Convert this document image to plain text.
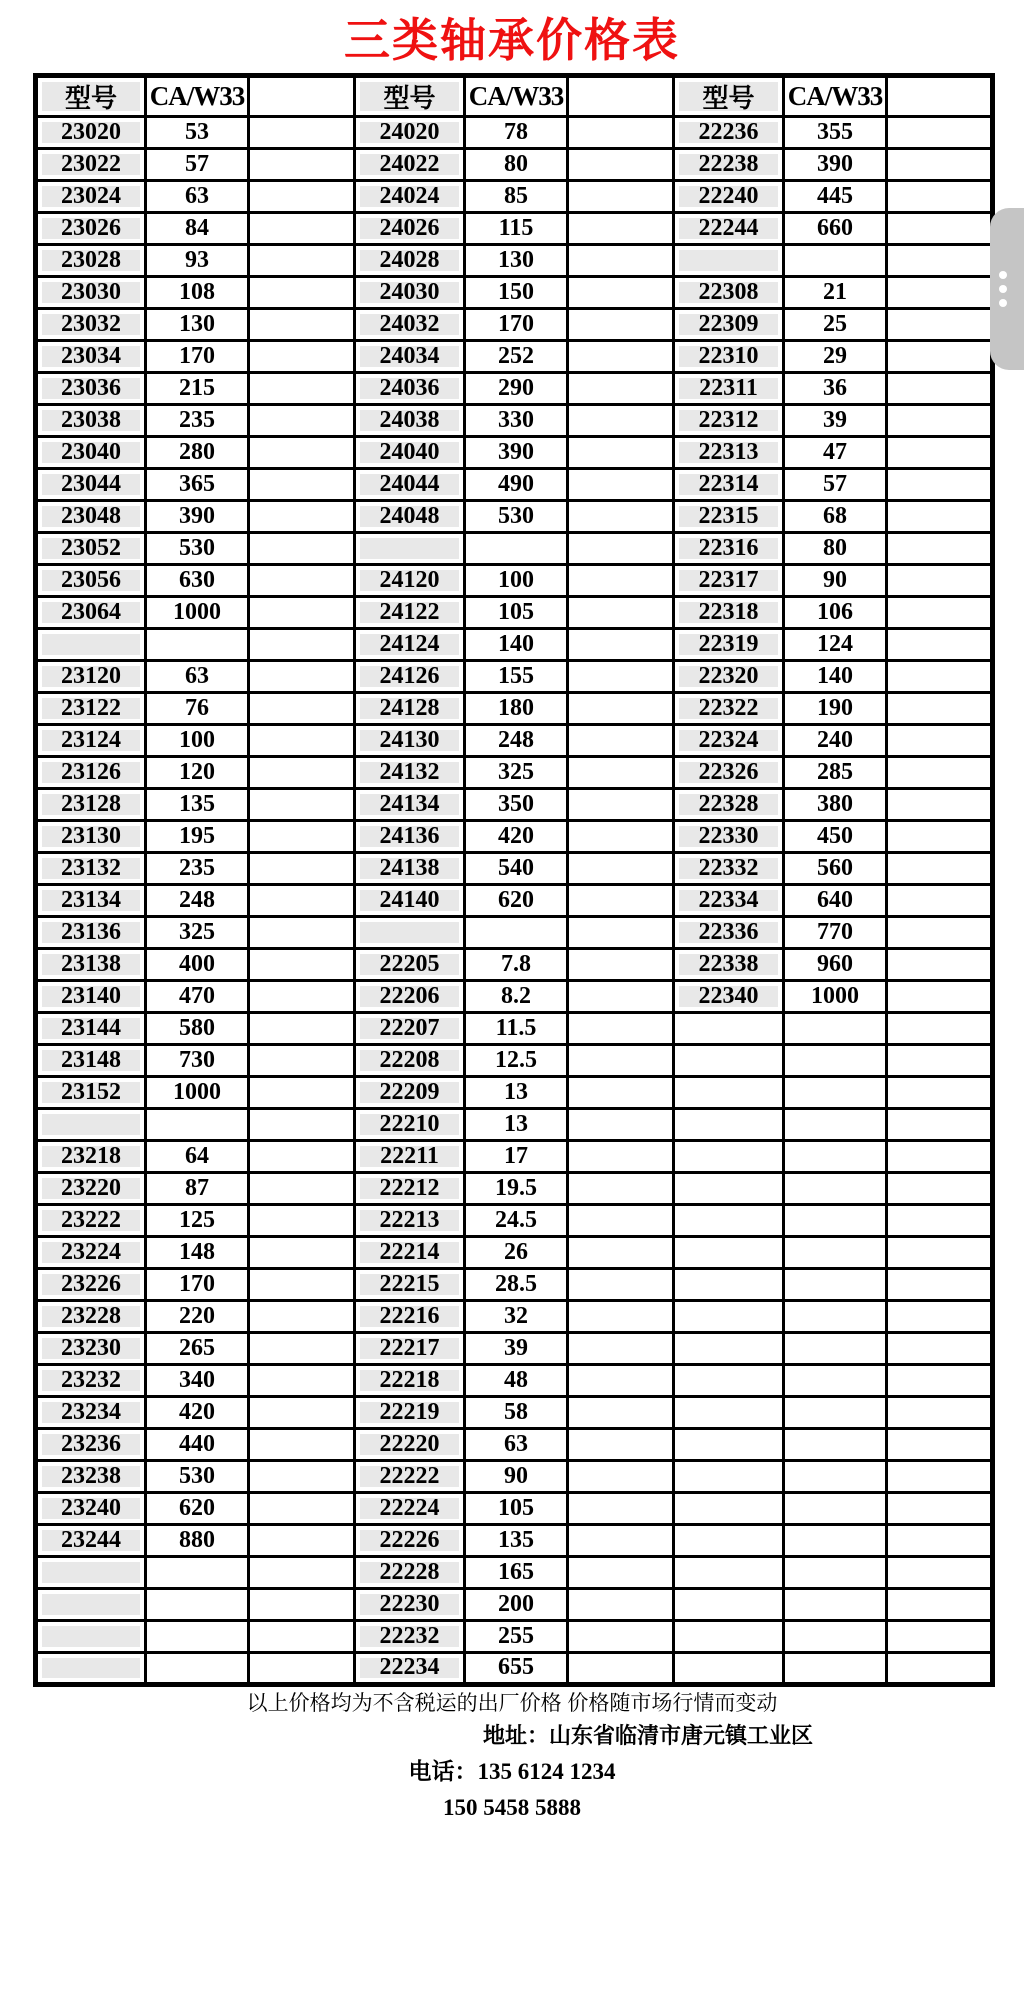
三类轴承价格表
型号	CA/W33		型号	CA/W33		型号	CA/W33	
23020	53		24020	78		22236	355	
23022	57		24022	80		22238	390	
23024	63		24024	85		22240	445	
23026	84		24026	115		22244	660	
23028	93		24028	130				
23030	108		24030	150		22308	21	
23032	130		24032	170		22309	25	
23034	170		24034	252		22310	29	
23036	215		24036	290		22311	36	
23038	235		24038	330		22312	39	
23040	280		24040	390		22313	47	
23044	365		24044	490		22314	57	
23048	390		24048	530		22315	68	
23052	530					22316	80	
23056	630		24120	100		22317	90	
23064	1000		24122	105		22318	106	
			24124	140		22319	124	
23120	63		24126	155		22320	140	
23122	76		24128	180		22322	190	
23124	100		24130	248		22324	240	
23126	120		24132	325		22326	285	
23128	135		24134	350		22328	380	
23130	195		24136	420		22330	450	
23132	235		24138	540		22332	560	
23134	248		24140	620		22334	640	
23136	325					22336	770	
23138	400		22205	7.8		22338	960	
23140	470		22206	8.2		22340	1000	
23144	580		22207	11.5				
23148	730		22208	12.5				
23152	1000		22209	13				
			22210	13				
23218	64		22211	17				
23220	87		22212	19.5				
23222	125		22213	24.5				
23224	148		22214	26				
23226	170		22215	28.5				
23228	220		22216	32				
23230	265		22217	39				
23232	340		22218	48				
23234	420		22219	58				
23236	440		22220	63				
23238	530		22222	90				
23240	620		22224	105				
23244	880		22226	135				
			22228	165				
			22230	200				
			22232	255				
			22234	655				
以上价格均为不含税运的出厂价格 价格随市场行情而变动
地址：山东省临清市唐元镇工业区
电话：135 6124 1234
150 5458 5888
